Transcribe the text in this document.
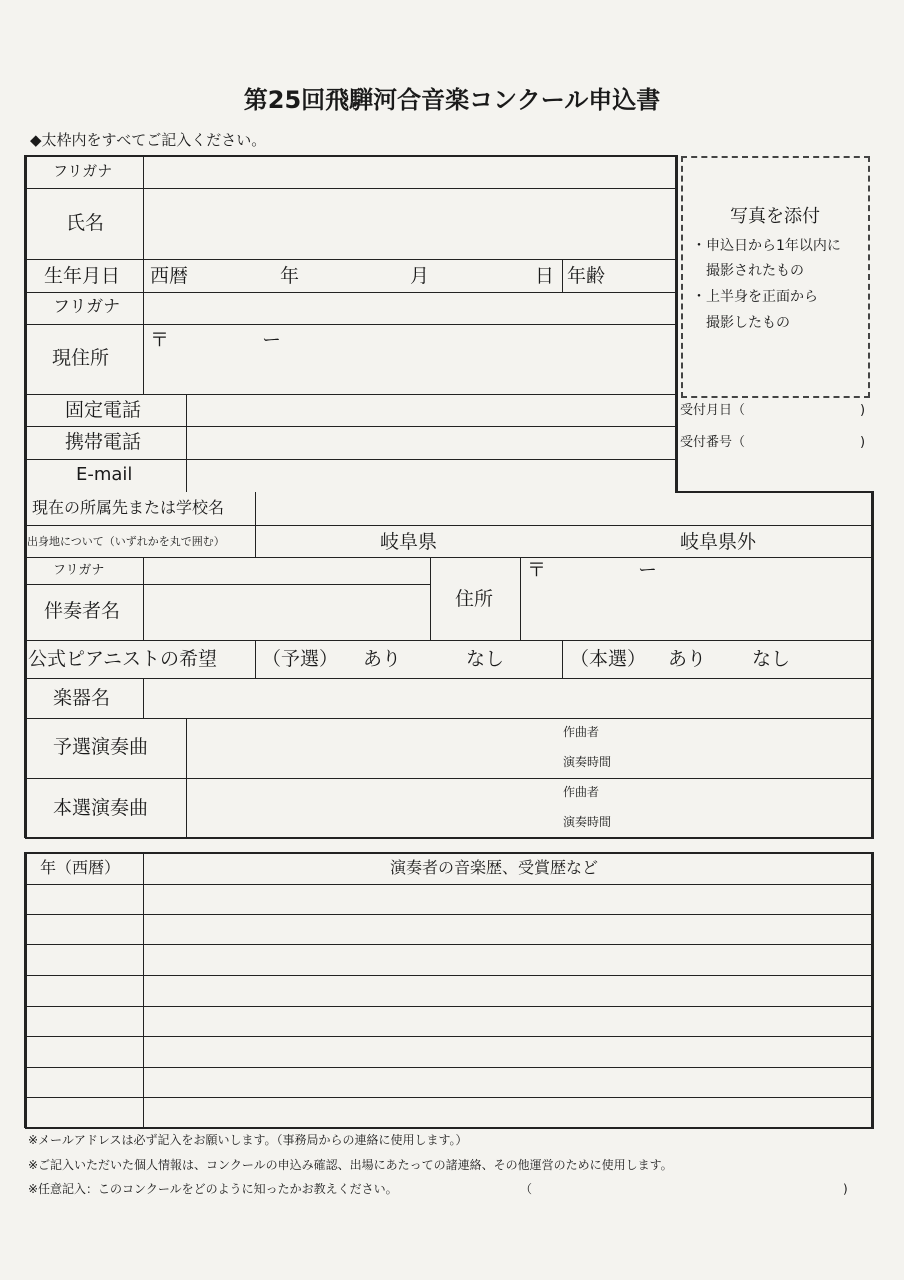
第25回飛騨河合音楽コンクール申込書
◆太枠内をすべてご記入ください。
フリガナ
氏名
生年月日 西暦	年	月	日 年齢
フリガナ
現住所
〒	ー
固定電話
携帯電話
E-mail
現在の所属先または学校名
出身地について（いずれかを丸で囲む）	岐阜県	岐阜県外
写真を添付
・申込日から1年以内に
撮影されたもの
・上半身を正面から
撮影したもの
受付月日（	)
受付番号（	)
フリガナ
伴奏者名
住所
〒	ー
公式ピアニストの希望 （予選） あり	なし	（本選） あり なし
楽器名
予選演奏曲
作曲者
演奏時間
本選演奏曲
作曲者
演奏時間
年（西暦）	演奏者の音楽歴、受賞歴など
※メールアドレスは必ず記入をお願いします。（事務局からの連絡に使用します。）
※ご記入いただいた個人情報は、コンクールの申込み確認、出場にあたっての諸連絡、その他運営のために使用します。
※任意記入：このコンクールをどのように知ったかお教えください。	（	)
